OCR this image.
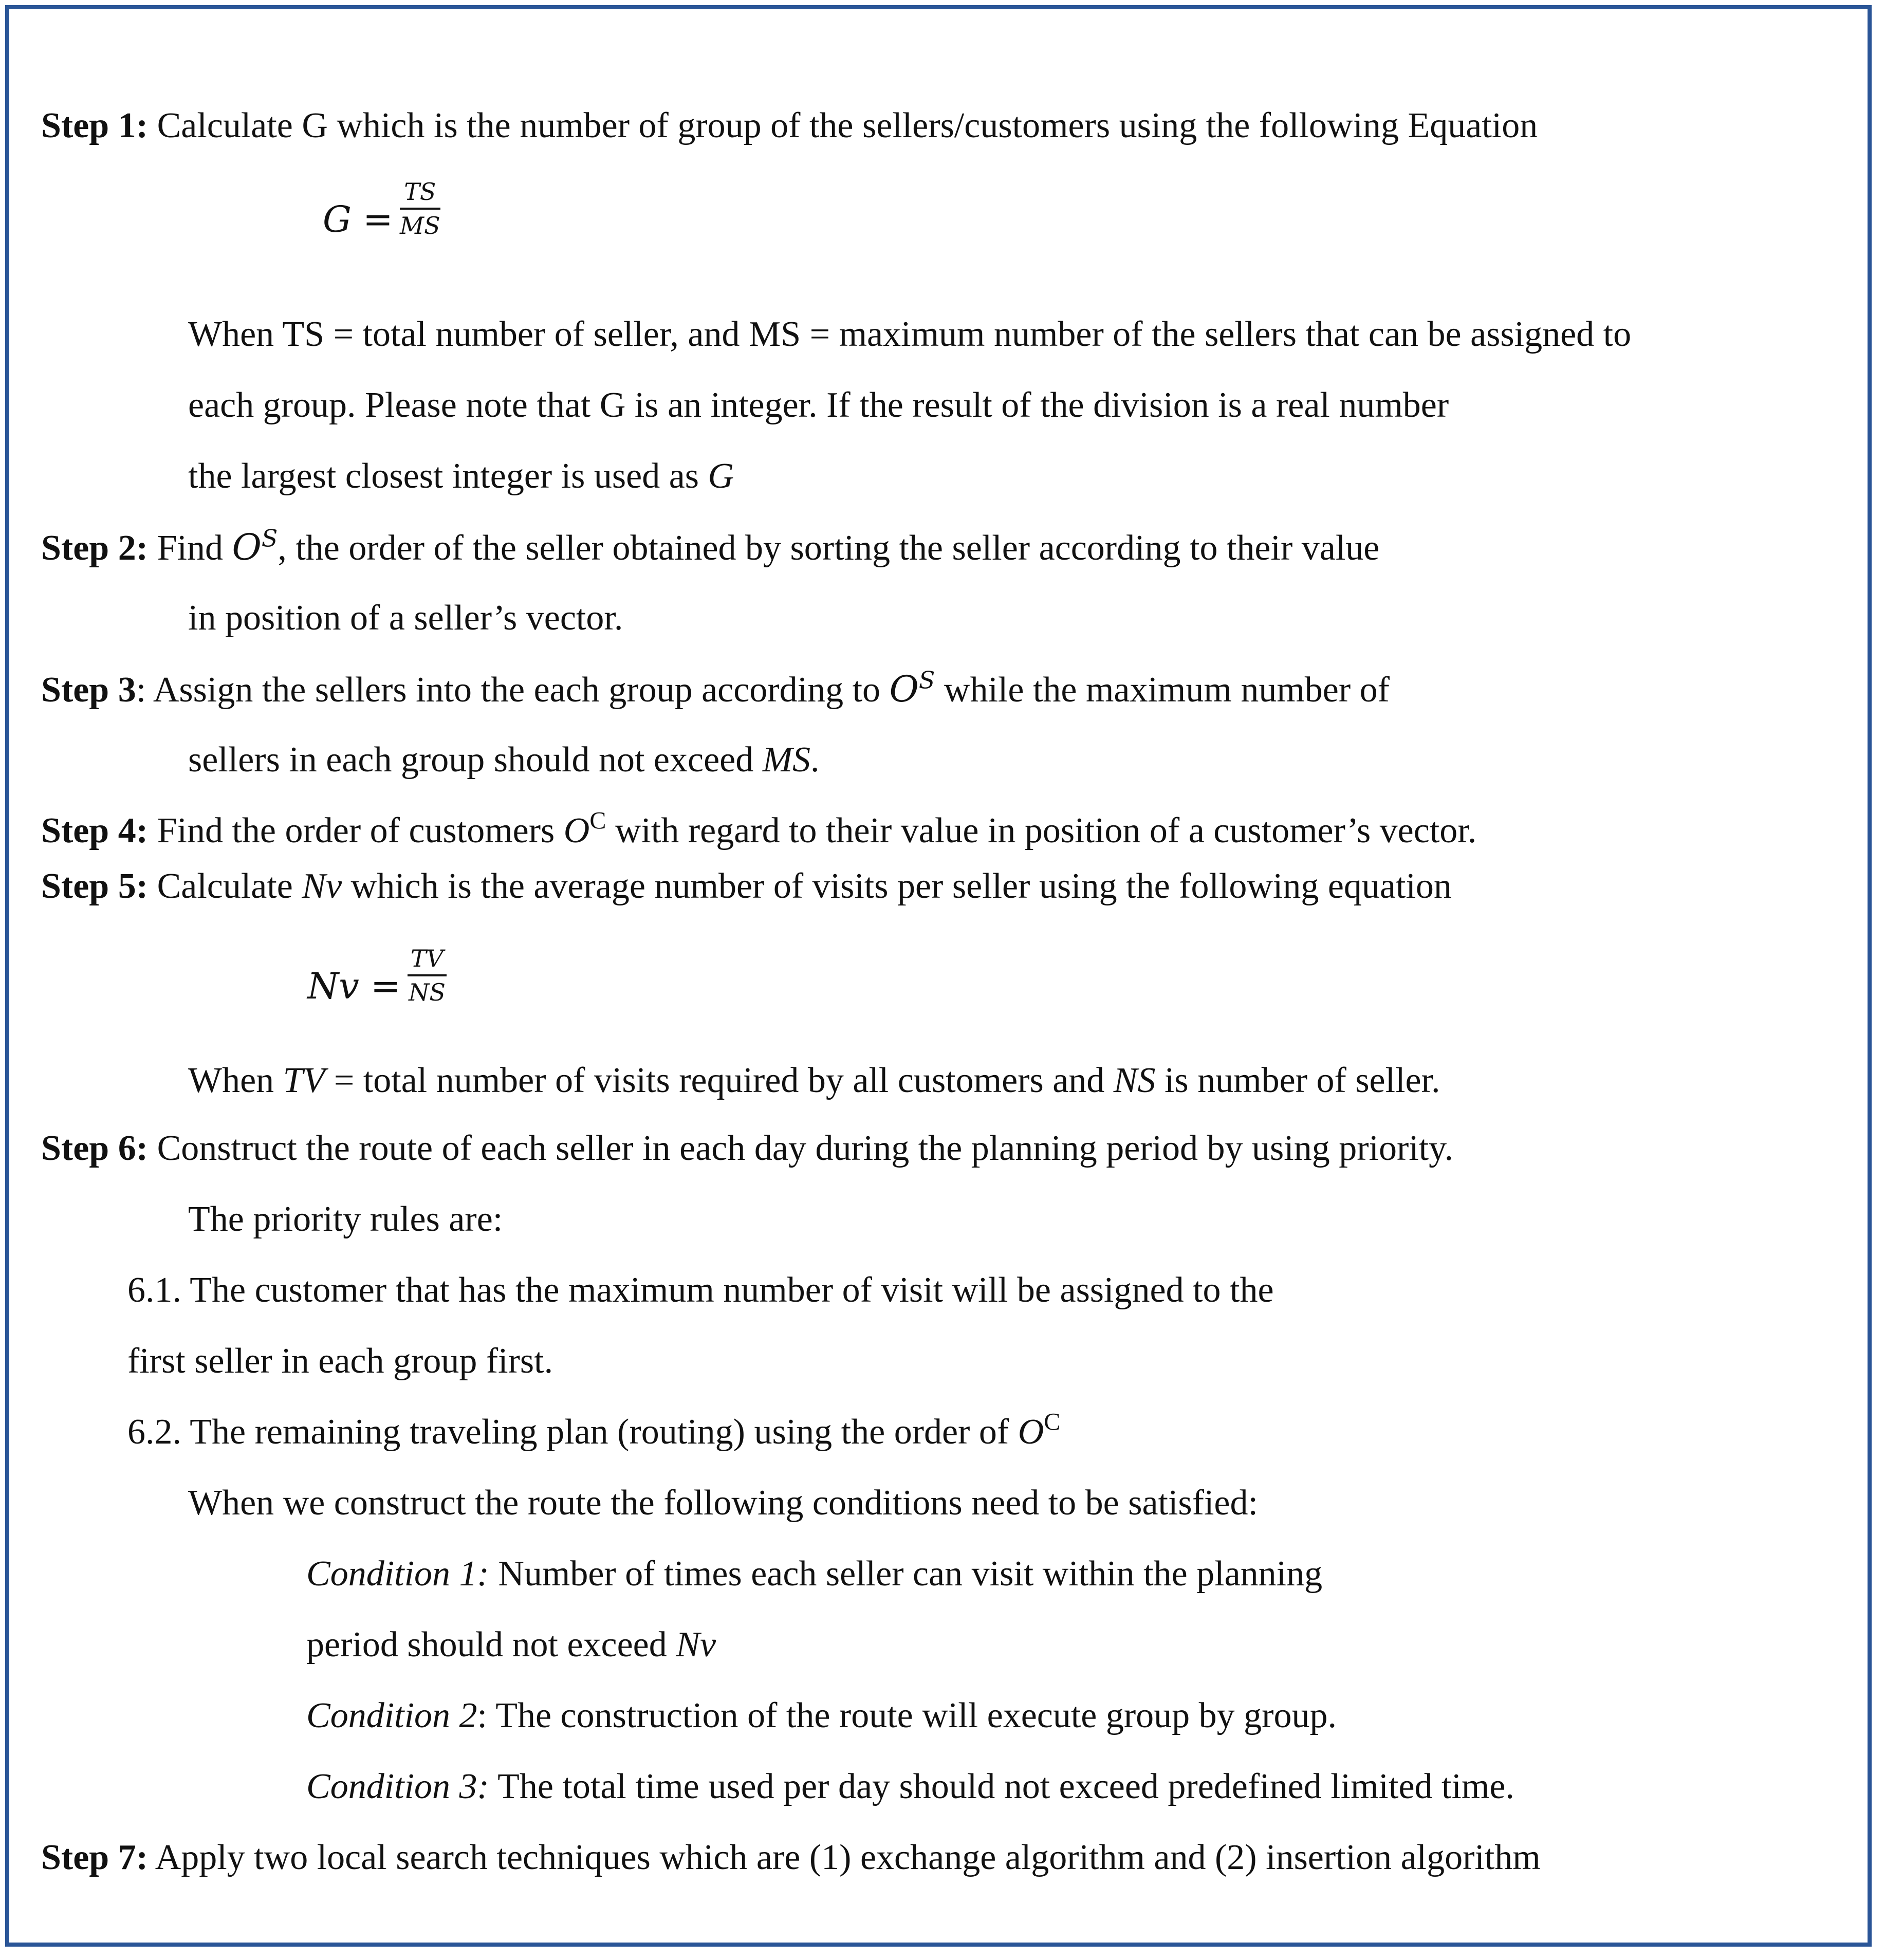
Step 1: Calculate G which is the number of group of the sellers/customers using the following Equation
$G = \frac{TS}{MS}$
When TS = total number of seller, and MS = maximum number of the sellers that can be assigned to
each group. Please note that G is an integer. If the result of the division is a real number
the largest closest integer is used as G
Step 2: Find $O^S$, the order of the seller obtained by sorting the seller according to their value
in position of a seller’s vector.
Step 3: Assign the sellers into the each group according to $O^S$ while the maximum number of
sellers in each group should not exceed MS.
Step 4: Find the order of customers $O^C$ with regard to their value in position of a customer’s vector.
Step 5: Calculate Nv which is the average number of visits per seller using the following equation
$Nv = \frac{TV}{NS}$
When TV = total number of visits required by all customers and NS is number of seller.
Step 6: Construct the route of each seller in each day during the planning period by using priority.
The priority rules are:
6.1. The customer that has the maximum number of visit will be assigned to the
first seller in each group first.
6.2. The remaining traveling plan (routing) using the order of $O^C$
When we construct the route the following conditions need to be satisfied:
Condition 1: Number of times each seller can visit within the planning
period should not exceed Nv
Condition 2: The construction of the route will execute group by group.
Condition 3: The total time used per day should not exceed predefined limited time.
Step 7: Apply two local search techniques which are (1) exchange algorithm and (2) insertion algorithm
